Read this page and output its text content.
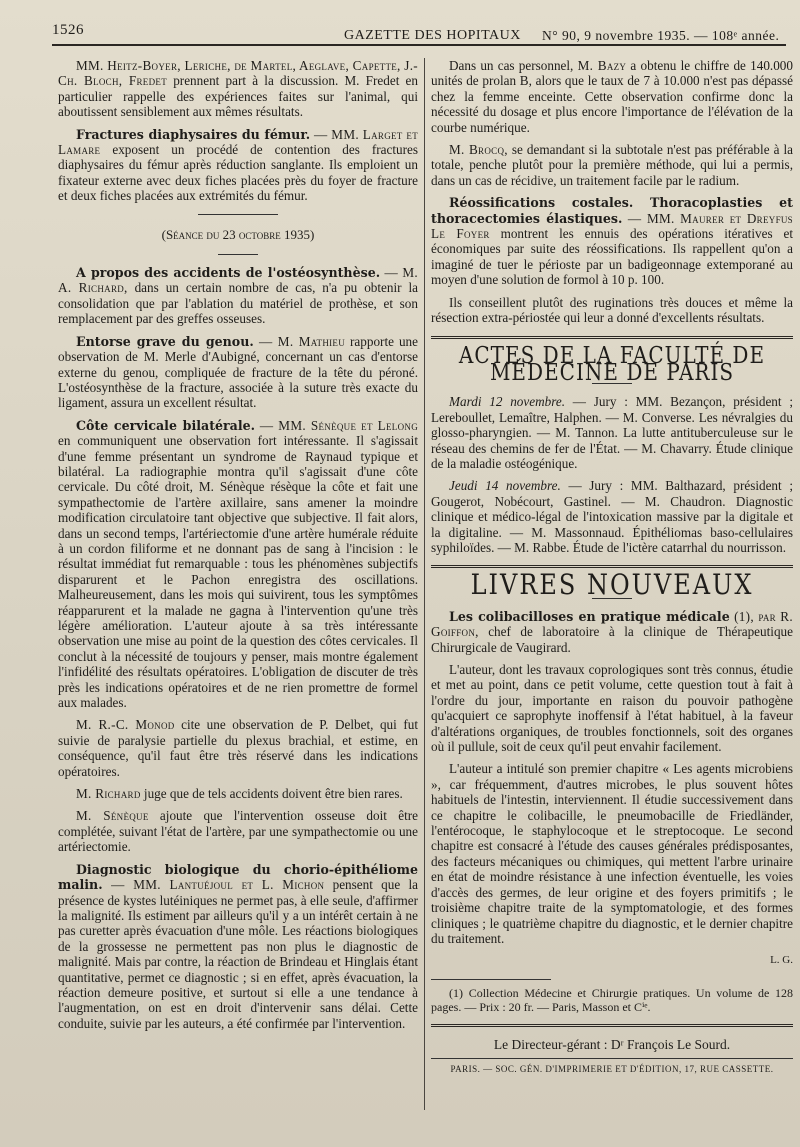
1526	GAZETTE DES HOPITAUX N° 90, 9 novembre 1935. — 108ᵉ année.

MM. Heitz-Boyer, Leriche, de Martel, Aeglave, Capette, J.-Ch. Bloch, Fredet prennent part à la discussion. M. Fredet en particulier rappelle des expériences faites sur l'animal, qui aboutissent sensiblement aux mêmes résultats.

Fractures diaphysaires du fémur. — MM. Larget et Lamare exposent un procédé de contention des fractures diaphysaires du fémur après réduction sanglante. Ils emploient un fixateur externe avec deux fiches placées près du foyer de fracture et deux fiches placées aux extrémités du fémur.

(Séance du 23 octobre 1935)

A propos des accidents de l'ostéosynthèse. — M. A. Richard, dans un certain nombre de cas, n'a pu obtenir la consolidation que par l'ablation du matériel de prothèse, et son remplacement par des greffes osseuses.

Entorse grave du genou. — M. Mathieu rapporte une observation de M. Merle d'Aubigné, concernant un cas d'entorse externe du genou, compliquée de fracture de la tête du péroné. L'ostéosynthèse de la fracture, associée à la suture très exacte du ligament, assura un excellent résultat.

Côte cervicale bilatérale. — MM. Sénèque et Lelong en communiquent une observation fort intéressante. Il s'agissait d'une femme présentant un syndrome de Raynaud typique et bilatéral. La radiographie montra qu'il s'agissait d'une côte cervicale. Du côté droit, M. Sénèque résèque la côte et fait une sympathectomie de l'artère axillaire, sans amener la moindre modification circulatoire tant objective que subjective. Il fait alors, dans un second temps, l'artériectomie d'une artère humérale réduite à un cordon filiforme et ne donnant pas de sang à l'incision : le résultat immédiat fut remarquable : tous les phénomènes subjectifs disparurent et le Pachon enregistra des oscillations. Malheureusement, dans les mois qui suivirent, tous les symptômes réapparurent et la malade ne gagna à l'intervention qu'une très légère amélioration. L'auteur ajoute à sa très intéressante observation une mise au point de la question des côtes cervicales. Il conclut à la nécessité de toujours y penser, mais montre également l'infidélité des résultats opératoires. L'obligation de discuter de très près les indications opératoires et de ne rien promettre de formel aux malades.

M. R.-C. Monod cite une observation de P. Delbet, qui fut suivie de paralysie partielle du plexus brachial, et estime, en conséquence, qu'il faut être très réservé dans les indications opératoires.

M. Richard juge que de tels accidents doivent être bien rares.

M. Sénèque ajoute que l'intervention osseuse doit être complétée, suivant l'état de l'artère, par une sympathectomie ou une artériectomie.

Diagnostic biologique du chorio-épithéliome malin. — MM. Lantuéjoul et L. Michon pensent que la présence de kystes lutéiniques ne permet pas, à elle seule, d'affirmer la malignité. Ils estiment par ailleurs qu'il y a un intérêt certain à ne pas curetter après évacuation d'une môle. Les réactions biologiques de la grossesse ne permettent pas non plus le diagnostic de malignité. Mais par contre, la réaction de Brindeau et Hinglais étant quantitative, permet ce diagnostic ; si en effet, après évacuation, la réaction demeure positive, et surtout si elle a une tendance à l'augmentation, on est en droit d'intervenir sans délai. Cette conduite, suivie par les auteurs, a été confirmée par l'intervention.

Dans un cas personnel, M. Bazy a obtenu le chiffre de 140.000 unités de prolan B, alors que le taux de 7 à 10.000 n'est pas dépassé chez la femme enceinte. Cette observation confirme donc la nécessité du dosage et plus encore l'importance de l'élévation de la courbe numérique.

M. Brocq, se demandant si la subtotale n'est pas préférable à la totale, penche plutôt pour la première méthode, qui lui a permis, dans un cas de récidive, un traitement facile par le radium.

Réossifications costales. Thoracoplasties et thoracectomies élastiques. — MM. Maurer et Dreyfus Le Foyer montrent les ennuis des opérations itératives et économiques par suite des réossifications. Ils rappellent qu'on a imaginé de tuer le périoste par un badigeonnage extemporané au moyen d'une solution de formol à 10 p. 100.

Ils conseillent plutôt des ruginations très douces et même la résection extra-périostée qui leur a donné d'excellents résultats.

ACTES DE LA FACULTÉ DE MÉDECINE DE PARIS

Mardi 12 novembre. — Jury : MM. Bezançon, président ; Lereboullet, Lemaître, Halphen. — M. Converse. Les névralgies du glosso-pharyngien. — M. Tannon. La lutte antituberculeuse sur le réseau des chemins de fer de l'État. — M. Chavarry. Étude clinique de la maladie ostéogénique.

Jeudi 14 novembre. — Jury : MM. Balthazard, président ; Gougerot, Nobécourt, Gastinel. — M. Chaudron. Diagnostic clinique et médico-légal de l'intoxication massive par la digitale et la digitaline. — M. Massonnaud. Épithéliomas baso-cellulaires syphiloïdes. — M. Rabbe. Étude de l'ictère catarrhal du nourrisson.

LIVRES NOUVEAUX

Les colibacilloses en pratique médicale (1), par R. Goiffon, chef de laboratoire à la clinique de Thérapeutique Chirurgicale de Vaugirard.

L'auteur, dont les travaux coprologiques sont très connus, étudie et met au point, dans ce petit volume, cette question tout à fait à l'ordre du jour, importante en raison du pouvoir pathogène qu'acquiert ce saprophyte inoffensif à l'état habituel, à la faveur d'altérations organiques, de troubles fonctionnels, soit des organes où il pullule, soit de ceux qu'il peut envahir facilement.

L'auteur a intitulé son premier chapitre « Les agents microbiens », car fréquemment, d'autres microbes, le plus souvent hôtes habituels de l'intestin, interviennent. Il étudie successivement dans ce chapitre le colibacille, le pneumobacille de Friedländer, l'entérocoque, le staphylocoque et le streptocoque. Le second chapitre est consacré à l'étude des causes générales prédisposantes, des facteurs mécaniques ou chimiques, qui mettent l'arbre urinaire en état de moindre résistance à une infection éventuelle, les voies d'accès des germes, de leur origine et des foyers primitifs ; le troisième chapitre traite de la symptomatologie, et des formes cliniques ; le quatrième chapitre du diagnostic, et le dernier chapitre du traitement.

L. G.

(1) Collection Médecine et Chirurgie pratiques. Un volume de 128 pages. — Prix : 20 fr. — Paris, Masson et Cⁱᵉ.

Le Directeur-gérant : Dʳ François Le Sourd.

PARIS. — SOC. GÉN. D'IMPRIMERIE ET D'ÉDITION, 17, RUE CASSETTE.
